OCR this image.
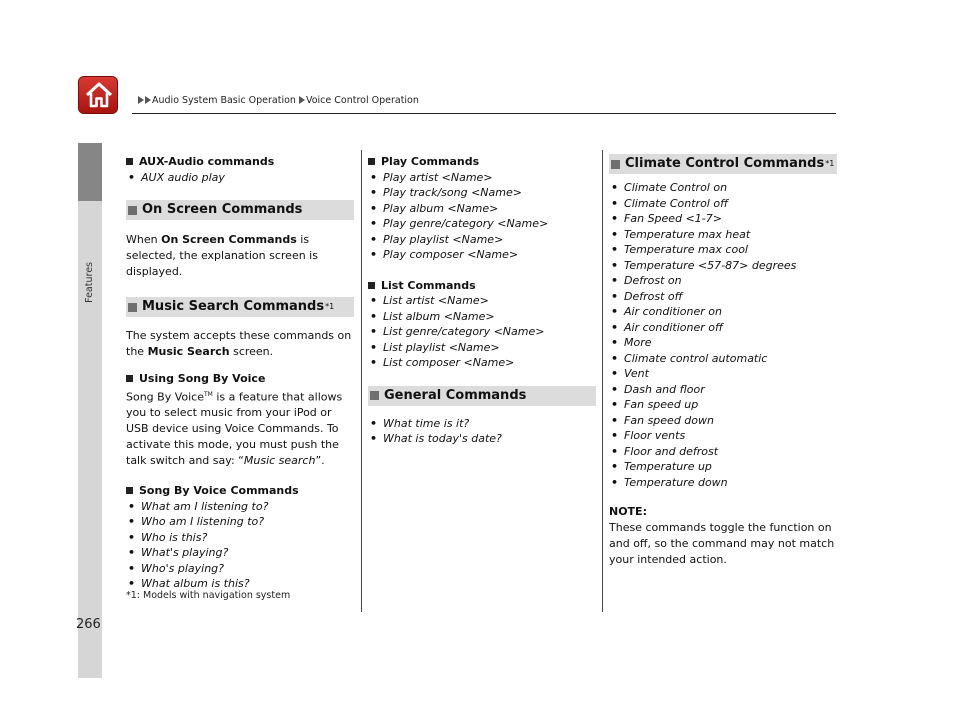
Audio System Basic Operation Voice Control Operation
Features
266
AUX-Audio commands
• AUX audio play
On Screen Commands

When On Screen Commands is selected, the explanation screen is displayed.

Music Search Commands *1

The system accepts these commands on the Music Search screen.

Using Song By Voice

Song By Voice™ is a feature that allows you to select music from your iPod or USB device using Voice Commands. To activate this mode, you must push the talk switch and say: “Music search”.

Song By Voice Commands
• What am I listening to?
• Who am I listening to?
• Who is this?
• What's playing?
• Who's playing?
• What album is this?
*1: Models with navigation system
Play Commands
• Play artist <Name>
• Play track/song <Name>
• Play album <Name>
• Play genre/category <Name>
• Play playlist <Name>
• Play composer <Name>
List Commands
• List artist <Name>
• List album <Name>
• List genre/category <Name>
• List playlist <Name>
• List composer <Name>
General Commands
• What time is it?
• What is today's date?
Climate Control Commands *1
• Climate Control on
• Climate Control off
• Fan Speed <1-7>
• Temperature max heat
• Temperature max cool
• Temperature <57-87> degrees
• Defrost on
• Defrost off
• Air conditioner on
• Air conditioner off
• More
• Climate control automatic
• Vent
• Dash and floor
• Fan speed up
• Fan speed down
• Floor vents
• Floor and defrost
• Temperature up
• Temperature down

NOTE:

These commands toggle the function on and off, so the command may not match your intended action.
